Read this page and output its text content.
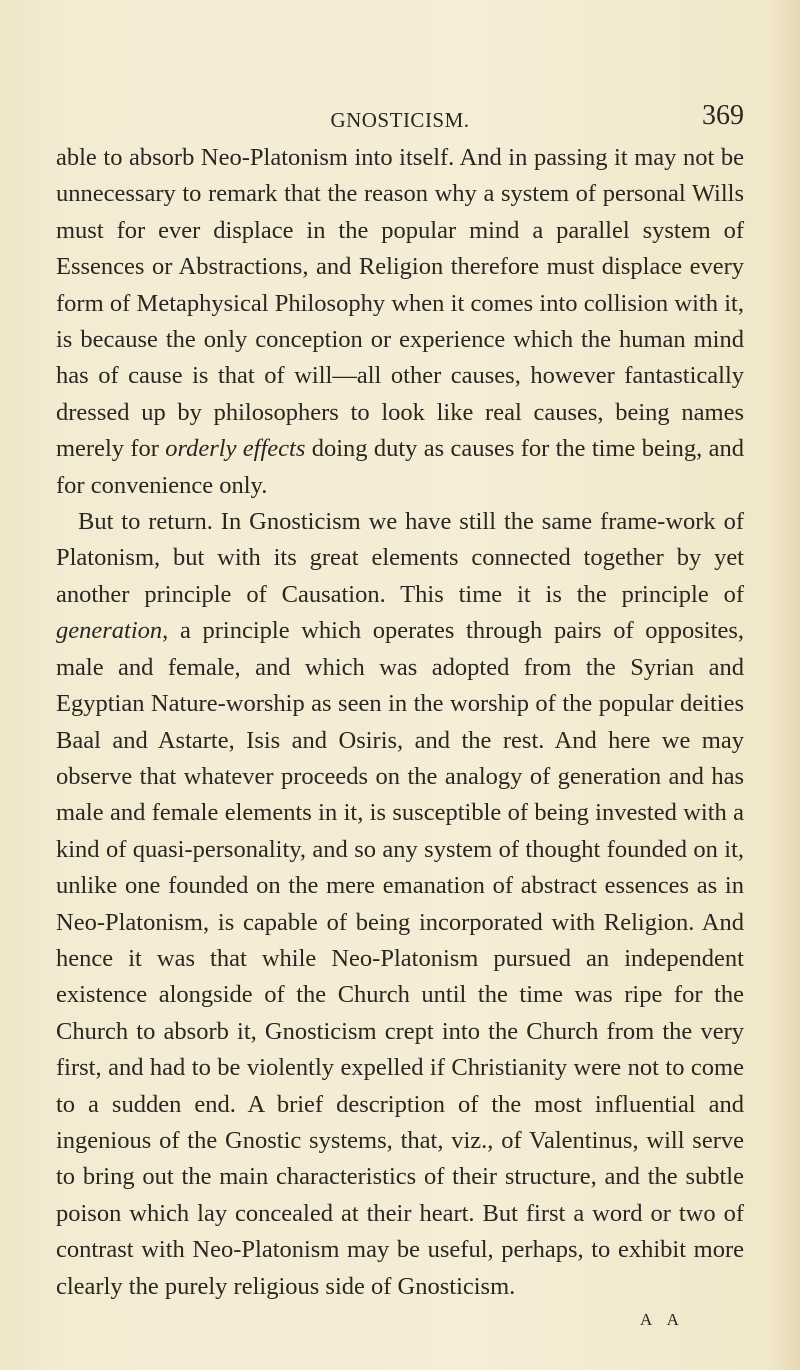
GNOSTICISM.	369

able to absorb Neo-Platonism into itself. And in passing it may not be unnecessary to remark that the reason why a system of personal Wills must for ever displace in the popular mind a parallel system of Essences or Abstractions, and Religion therefore must displace every form of Metaphysical Philosophy when it comes into collision with it, is because the only conception or experience which the human mind has of cause is that of will—all other causes, however fantastically dressed up by philosophers to look like real causes, being names merely for orderly effects doing duty as causes for the time being, and for convenience only.

But to return. In Gnosticism we have still the same frame-work of Platonism, but with its great elements connected together by yet another principle of Causation. This time it is the principle of generation, a principle which operates through pairs of opposites, male and female, and which was adopted from the Syrian and Egyptian Nature-worship as seen in the worship of the popular deities Baal and Astarte, Isis and Osiris, and the rest. And here we may observe that whatever proceeds on the analogy of generation and has male and female elements in it, is susceptible of being invested with a kind of quasi-personality, and so any system of thought founded on it, unlike one founded on the mere emanation of abstract essences as in Neo-Platonism, is capable of being incorporated with Religion. And hence it was that while Neo-Platonism pursued an independent existence alongside of the Church until the time was ripe for the Church to absorb it, Gnosticism crept into the Church from the very first, and had to be violently expelled if Christianity were not to come to a sudden end. A brief description of the most influential and ingenious of the Gnostic systems, that, viz., of Valentinus, will serve to bring out the main characteristics of their structure, and the subtle poison which lay concealed at their heart. But first a word or two of contrast with Neo-Platonism may be useful, perhaps, to exhibit more clearly the purely religious side of Gnosticism.

A A
